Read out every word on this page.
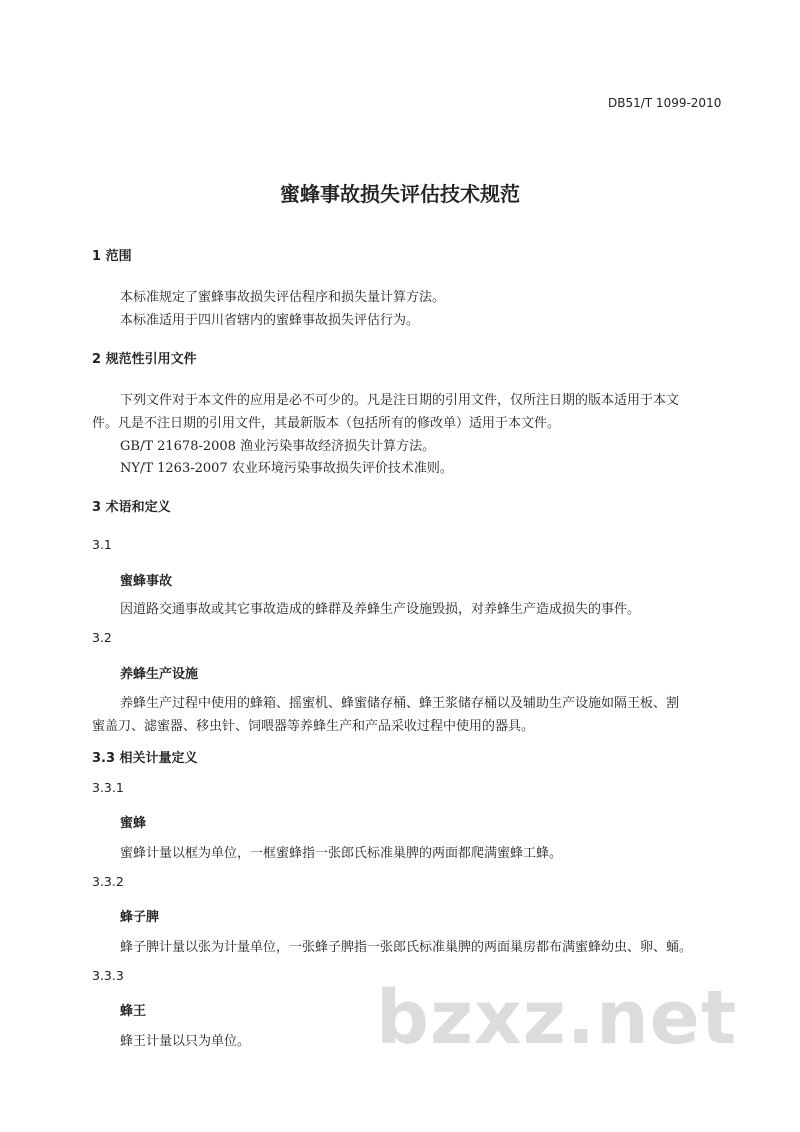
DB51/T 1099-2010
蜜蜂事故损失评估技术规范
1 范围
本标准规定了蜜蜂事故损失评估程序和损失量计算方法。
本标准适用于四川省辖内的蜜蜂事故损失评估行为。
2 规范性引用文件
下列文件对于本文件的应用是必不可少的。凡是注日期的引用文件，仅所注日期的版本适用于本文
件。凡是不注日期的引用文件，其最新版本（包括所有的修改单）适用于本文件。
GB/T 21678-2008 渔业污染事故经济损失计算方法。
NY/T 1263-2007 农业环境污染事故损失评价技术准则。
3 术语和定义
3.1
蜜蜂事故
因道路交通事故或其它事故造成的蜂群及养蜂生产设施毁损，对养蜂生产造成损失的事件。
3.2
养蜂生产设施
养蜂生产过程中使用的蜂箱、摇蜜机、蜂蜜储存桶、蜂王浆储存桶以及辅助生产设施如隔王板、割
蜜盖刀、滤蜜器、移虫针、饲喂器等养蜂生产和产品采收过程中使用的器具。
3.3 相关计量定义
3.3.1
蜜蜂
蜜蜂计量以框为单位，一框蜜蜂指一张郎氏标准巢脾的两面都爬满蜜蜂工蜂。
3.3.2
蜂子脾
蜂子脾计量以张为计量单位，一张蜂子脾指一张郎氏标准巢脾的两面巢房都布满蜜蜂幼虫、卵、蛹。
3.3.3
蜂王
蜂王计量以只为单位。 bzxz.net
